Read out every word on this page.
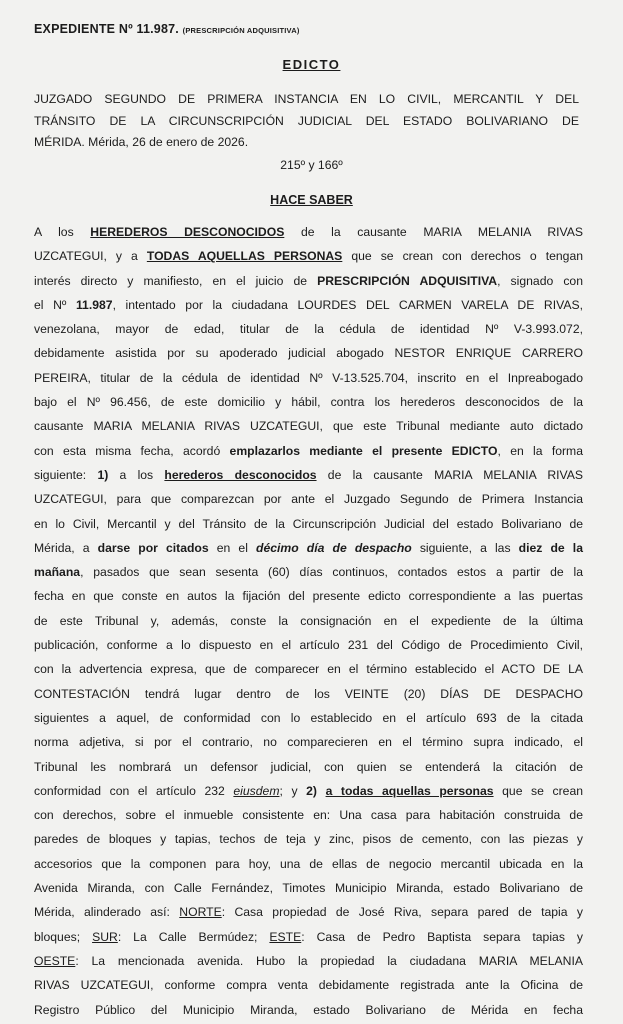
EXPEDIENTE Nº 11.987. (PRESCRIPCIÓN ADQUISITIVA)
EDICTO
JUZGADO SEGUNDO DE PRIMERA INSTANCIA EN LO CIVIL, MERCANTIL Y DEL
TRÁNSITO DE LA CIRCUNSCRIPCIÓN JUDICIAL DEL ESTADO BOLIVARIANO DE
MÉRIDA. Mérida, 26 de enero de 2026.
215º y 166º
HACE SABER
A los HEREDEROS DESCONOCIDOS de la causante MARIA MELANIA RIVAS
UZCATEGUI, y a TODAS AQUELLAS PERSONAS que se crean con derechos o tengan
interés directo y manifiesto, en el juicio de PRESCRIPCIÓN ADQUISITIVA, signado con
el Nº 11.987, intentado por la ciudadana LOURDES DEL CARMEN VARELA DE RIVAS,
venezolana, mayor de edad, titular de la cédula de identidad Nº V-3.993.072,
debidamente asistida por su apoderado judicial abogado NESTOR ENRIQUE CARRERO
PEREIRA, titular de la cédula de identidad Nº V-13.525.704, inscrito en el Inpreabogado
bajo el Nº 96.456, de este domicilio y hábil, contra los herederos desconocidos de la
causante MARIA MELANIA RIVAS UZCATEGUI, que este Tribunal mediante auto dictado
con esta misma fecha, acordó emplazarlos mediante el presente EDICTO, en la forma
siguiente: 1) a los herederos desconocidos de la causante MARIA MELANIA RIVAS
UZCATEGUI, para que comparezcan por ante el Juzgado Segundo de Primera Instancia
en lo Civil, Mercantil y del Tránsito de la Circunscripción Judicial del estado Bolivariano de
Mérida, a darse por citados en el décimo día de despacho siguiente, a las diez de la
mañana, pasados que sean sesenta (60) días continuos, contados estos a partir de la
fecha en que conste en autos la fijación del presente edicto correspondiente a las puertas
de este Tribunal y, además, conste la consignación en el expediente de la última
publicación, conforme a lo dispuesto en el artículo 231 del Código de Procedimiento Civil,
con la advertencia expresa, que de comparecer en el término establecido el ACTO DE LA
CONTESTACIÓN tendrá lugar dentro de los VEINTE (20) DÍAS DE DESPACHO
siguientes a aquel, de conformidad con lo establecido en el artículo 693 de la citada
norma adjetiva, si por el contrario, no comparecieren en el término supra indicado, el
Tribunal les nombrará un defensor judicial, con quien se entenderá la citación de
conformidad con el artículo 232 eiusdem; y 2) a todas aquellas personas que se crean
con derechos, sobre el inmueble consistente en: Una casa para habitación construida de
paredes de bloques y tapias, techos de teja y zinc, pisos de cemento, con las piezas y
accesorios que la componen para hoy, una de ellas de negocio mercantil ubicada en la
Avenida Miranda, con Calle Fernández, Timotes Municipio Miranda, estado Bolivariano de
Mérida, alinderado así: NORTE: Casa propiedad de José Riva, separa pared de tapia y
bloques; SUR: La Calle Bermúdez; ESTE: Casa de Pedro Baptista separa tapias y
OESTE: La mencionada avenida. Hubo la propiedad la ciudadana MARIA MELANIA
RIVAS UZCATEGUI, conforme compra venta debidamente registrada ante la Oficina de
Registro Público del Municipio Miranda, estado Bolivariano de Mérida en fecha
